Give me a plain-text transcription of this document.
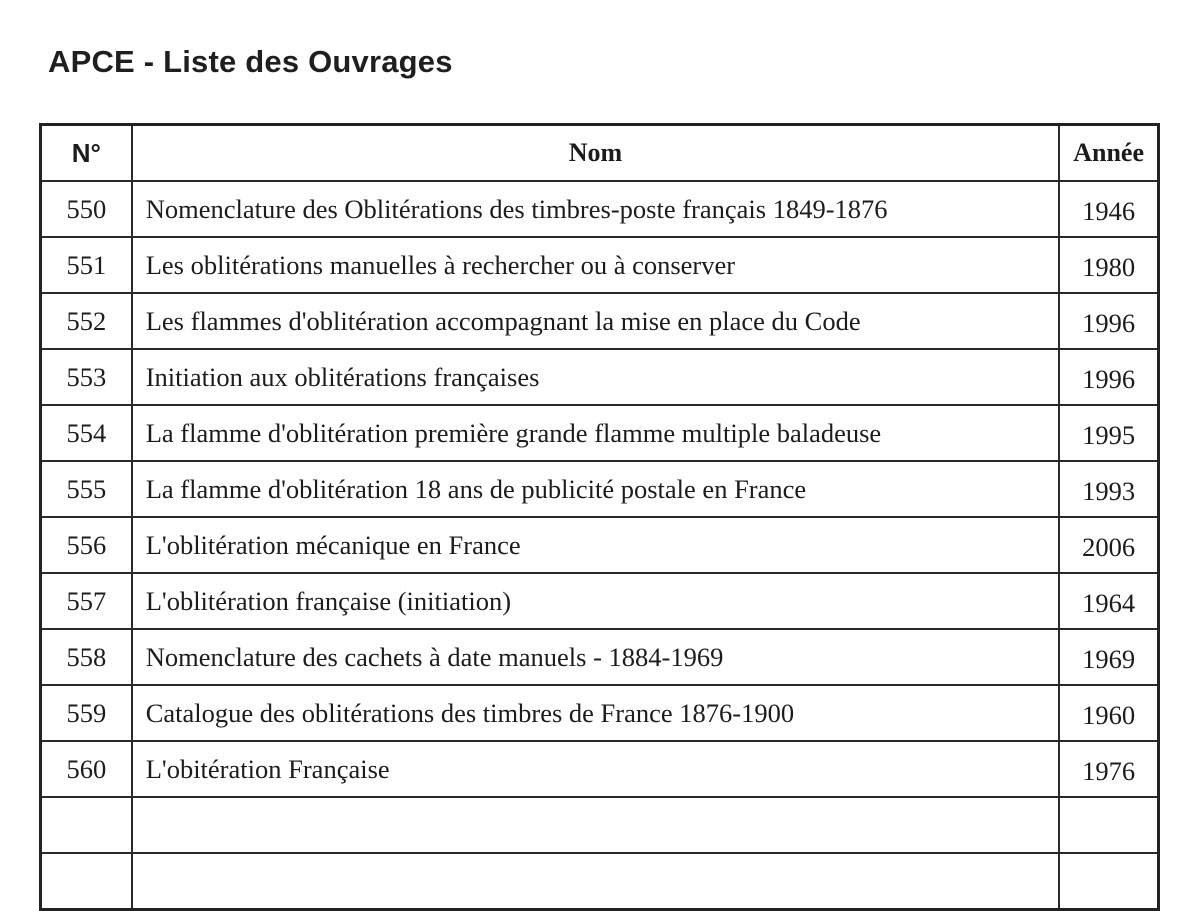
APCE - Liste des Ouvrages
N°	Nom	Année
550	Nomenclature des Oblitérations des timbres-poste français 1849-1876	1946
551	Les oblitérations manuelles à rechercher ou à conserver	1980
552	Les flammes d'oblitération accompagnant la mise en place du Code	1996
553	Initiation aux oblitérations françaises	1996
554	La flamme d'oblitération première grande flamme multiple baladeuse	1995
555	La flamme d'oblitération 18 ans de publicité postale en France	1993
556	L'oblitération mécanique en France	2006
557	L'oblitération française (initiation)	1964
558	Nomenclature des cachets à date manuels - 1884-1969	1969
559	Catalogue des oblitérations des timbres de France 1876-1900	1960
560	L'obitération Française	1976
